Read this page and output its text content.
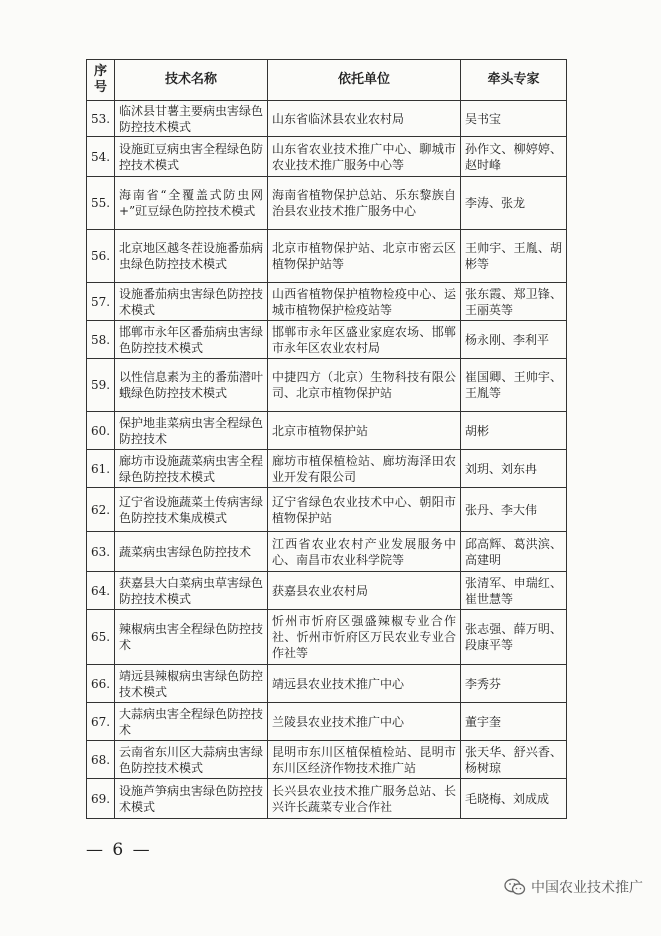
序号	技术名称	依托单位	牵头专家
53.	临沭县甘薯主要病虫害绿色防控技术模式	山东省临沭县农业农村局	吴书宝
54.	设施豇豆病虫害全程绿色防控技术模式	山东省农业技术推广中心、聊城市农业技术推广服务中心等	孙作文、柳婷婷、赵时峰
55.	海南省“全覆盖式防虫网+”豇豆绿色防控技术模式	海南省植物保护总站、乐东黎族自治县农业技术推广服务中心	李涛、张龙
56.	北京地区越冬茬设施番茄病虫绿色防控技术模式	北京市植物保护站、北京市密云区植物保护站等	王帅宇、王胤、胡彬等
57.	设施番茄病虫害绿色防控技术模式	山西省植物保护植物检疫中心、运城市植物保护检疫站等	张东霞、郑卫锋、王丽英等
58.	邯郸市永年区番茄病虫害绿色防控技术模式	邯郸市永年区盛业家庭农场、邯郸市永年区农业农村局	杨永刚、李利平
59.	以性信息素为主的番茄潜叶蛾绿色防控技术模式	中捷四方（北京）生物科技有限公司、北京市植物保护站	崔国卿、王帅宇、王胤等
60.	保护地韭菜病虫害全程绿色防控技术	北京市植物保护站	胡彬
61.	廊坊市设施蔬菜病虫害全程绿色防控技术模式	廊坊市植保植检站、廊坊海泽田农业开发有限公司	刘玥、刘东冉
62.	辽宁省设施蔬菜土传病害绿色防控技术集成模式	辽宁省绿色农业技术中心、朝阳市植物保护站	张丹、李大伟
63.	蔬菜病虫害绿色防控技术	江西省农业农村产业发展服务中心、南昌市农业科学院等	邱高辉、葛洪滨、高建明
64.	获嘉县大白菜病虫草害绿色防控技术模式	获嘉县农业农村局	张清军、申瑞红、崔世慧等
65.	辣椒病虫害全程绿色防控技术	忻州市忻府区强盛辣椒专业合作社、忻州市忻府区万民农业专业合作社等	张志强、薛万明、段康平等
66.	靖远县辣椒病虫害绿色防控技术模式	靖远县农业技术推广中心	李秀芬
67.	大蒜病虫害全程绿色防控技术	兰陵县农业技术推广中心	董宇奎
68.	云南省东川区大蒜病虫害绿色防控技术模式	昆明市东川区植保植检站、昆明市东川区经济作物技术推广站	张天华、舒兴香、杨树琼
69.	设施芦笋病虫害绿色防控技术模式	长兴县农业技术推广服务总站、长兴许长蔬菜专业合作社	毛晓梅、刘成成
— 6 —
中国农业技术推广
